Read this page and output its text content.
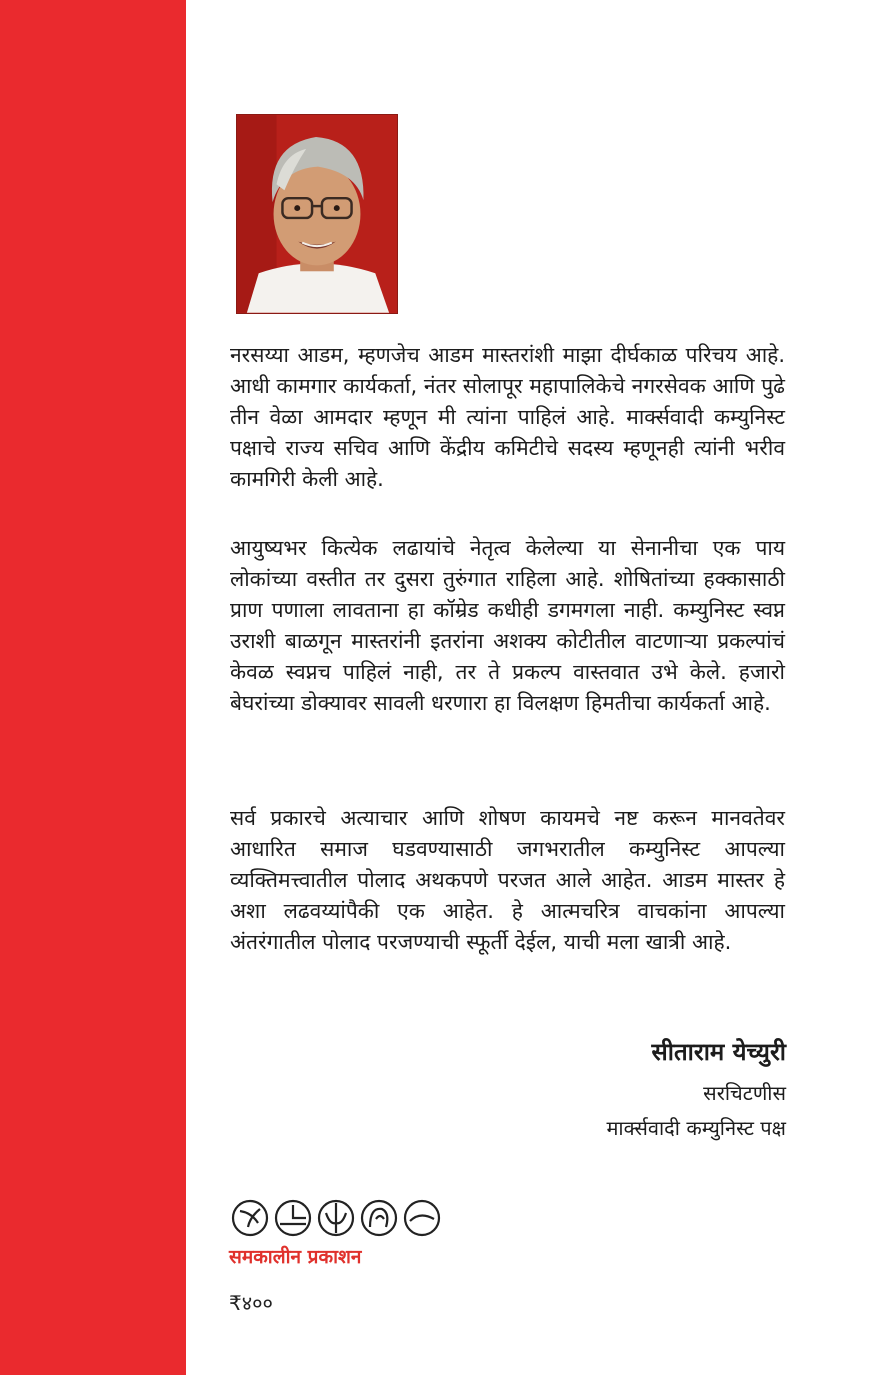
नरसय्या आडम, म्हणजेच आडम मास्तरांशी माझा दीर्घकाळ परिचय आहे. आधी कामगार कार्यकर्ता, नंतर सोलापूर महापालिकेचे नगरसेवक आणि पुढे तीन वेळा आमदार म्हणून मी त्यांना पाहिलं आहे. मार्क्सवादी कम्युनिस्ट पक्षाचे राज्य सचिव आणि केंद्रीय कमिटीचे सदस्य म्हणूनही त्यांनी भरीव कामगिरी केली आहे.

आयुष्यभर कित्येक लढायांचे नेतृत्व केलेल्या या सेनानीचा एक पाय लोकांच्या वस्तीत तर दुसरा तुरुंगात राहिला आहे. शोषितांच्या हक्कासाठी प्राण पणाला लावताना हा कॉम्रेड कधीही डगमगला नाही. कम्युनिस्ट स्वप्न उराशी बाळगून मास्तरांनी इतरांना अशक्य कोटीतील वाटणाऱ्या प्रकल्पांचं केवळ स्वप्नच पाहिलं नाही, तर ते प्रकल्प वास्तवात उभे केले. हजारो बेघरांच्या डोक्यावर सावली धरणारा हा विलक्षण हिमतीचा कार्यकर्ता आहे.

सर्व प्रकारचे अत्याचार आणि शोषण कायमचे नष्ट करून मानवतेवर आधारित समाज घडवण्यासाठी जगभरातील कम्युनिस्ट आपल्या व्यक्तिमत्त्वातील पोलाद अथकपणे परजत आले आहेत. आडम मास्तर हे अशा लढवय्यांपैकी एक आहेत. हे आत्मचरित्र वाचकांना आपल्या अंतरंगातील पोलाद परजण्याची स्फूर्ती देईल, याची मला खात्री आहे.

सीताराम येच्युरी

सरचिटणीस

मार्क्सवादी कम्युनिस्ट पक्ष

समकालीन प्रकाशन

₹४००
